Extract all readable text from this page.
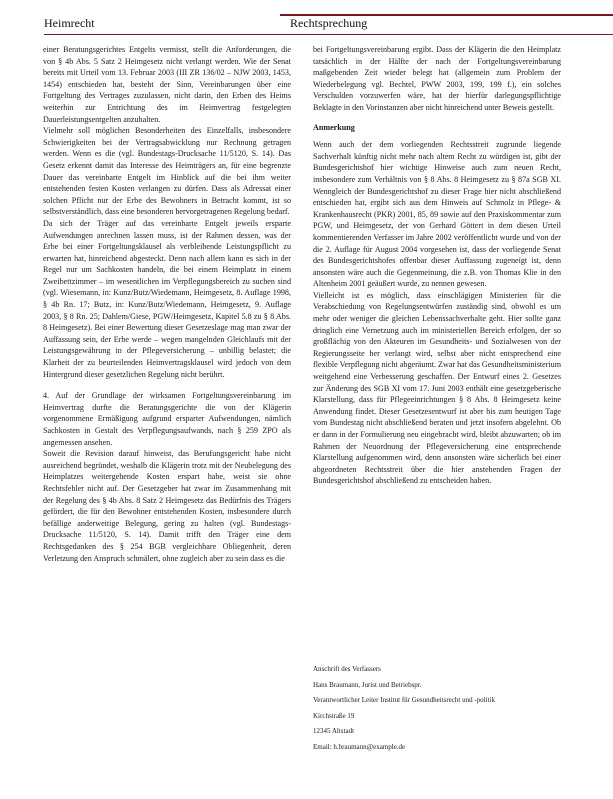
Heimrecht	Rechtsprechung

einer Beratungsgerichtes Entgelts vermisst, stellt die Anforderungen, die von § 4b Abs. 5 Satz 2 Heimgesetz nicht verlangt werden. Wie der Senat bereits mit Urteil vom 13. Februar 2003 (III ZR 136/02 – NJW 2003, 1453, 1454) entschieden hat, besteht der Sinn, Vereinbarungen über eine Fortgeltung des Vertrages zuzulassen, nicht darin, den Erben des Heims weiterhin zur Entrichtung des im Heimvertrag festgelegten Dauerleistungsentgelten anzuhalten.

Vielmehr soll möglichen Besonderheiten des Einzelfalls, insbesondere Schwierigkeiten bei der Vertragsabwicklung nur Rechnung getragen werden. Wenn es die (vgl. Bundestags-Drucksache 11/5120, S. 14). Das Gesetz erkennt damit das Interesse des Heimträgers an, für eine begrenzte Dauer das vereinbarte Entgelt im Hinblick auf die bei ihm weiter entstehenden festen Kosten verlangen zu dürfen. Dass als Adressat einer solchen Pflicht nur der Erbe des Bewohners in Betracht kommt, ist so selbstverständlich, dass eine besonderen hervorgetragenen Regelung bedarf.

Da sich der Träger auf das vereinbarte Entgelt jeweils ersparte Aufwendungen anrechnen lassen muss, ist der Rahmen dessen, was der Erbe bei einer Fortgeltungsklausel als verbleibende Leistungspflicht zu erwarten hat, hinreichend abgesteckt. Denn nach allem kann es sich in der Regel nur um Sachkosten handeln, die bei einem Heimplatz in einem Zweibettzimmer – im wesentlichen im Verpflegungsbereich zu suchen sind (vgl. Wiesemann, in: Kunz/Butz/Wiedemann, Heimgesetz, 8. Auflage 1998, § 4b Rn. 17; Butz, in: Kunz/Butz/Wiedemann, Heimgesetz, 9. Auflage 2003, § 8 Rn. 25; Dahlem/Giese, PGW/Heimgesetz, Kapitel 5.8 zu § 8 Abs. 8 Heimgesetz). Bei einer Bewertung dieser Gesetzeslage mag man zwar der Auffassung sein, der Erbe werde – wegen mangelnden Gleichlaufs mit der Leistungsgewährung in der Pflegeversicherung – unbillig belastet; die Klarheit der zu beurteilenden Heimvertragsklausel wird jedoch von dem Hintergrund dieser gesetzlichen Regelung nicht berührt.

4. Auf der Grundlage der wirksamen Fortgeltungsvereinbarung im Heimvertrag durfte die Beratungsgerichte die von der Klägerin vorgenommene Ermäßigung aufgrund ersparter Aufwendungen, nämlich Sachkosten in Gestalt des Verpflegungsaufwands, nach § 259 ZPO als angemessen ansehen.

Soweit die Revision darauf hinweist, das Berufungsgericht habe nicht ausreichend begründet, weshalb die Klägerin trotz mit der Neubelegung des Heimplatzes weitergehende Kosten erspart habe, weist sie ohne Rechtsfehler nicht auf. Der Gesetzgeber hat zwar im Zusammenhang mit der Regelung des § 4b Abs. 8 Satz 2 Heimgesetz das Bedürfnis des Trägers gefördert, die für den Bewohner entstehenden Kosten, insbesondere durch befällige anderweitige Belegung, gering zu halten (vgl. Bundestags-Drucksache 11/5120, S. 14). Damit trifft den Träger eine dem Rechtsgedanken des § 254 BGB vergleichbare Obliegenheit, deren Verletzung den Anspruch schmälert, ohne zugleich aber zu sein dass es die

bei Fortgeltungsvereinbarung ergibt. Dass der Klägerin die den Heimplatz tatsächlich in der Hälfte der nach der Fortgeltungsvereinbarung maßgebenden Zeit wieder belegt hat (allgemein zum Problem der Wiederbelegung vgl. Bechtel, PWW 2003, 199, 199 f.), ein solches Verschulden vorzuwerfen wäre, hat der hierfür darlegungspflichtige Beklagte in den Vorinstanzen aber nicht hinreichend unter Beweis gestellt.

Anmerkung

Wenn auch der dem vorliegenden Rechtsstreit zugrunde liegende Sachverhalt künftig nicht mehr nach altem Recht zu würdigen ist, gibt der Bundesgerichtshof hier wichtige Hinweise auch zum neuen Recht, insbesondere zum Verhältnis von § 8 Abs. 8 Heimgesetz zu § 87a SGB XI. Wenngleich der Bundesgerichtshof zu dieser Frage hier nicht abschließend entschieden hat, ergibt sich aus dem Hinweis auf Schmolz in Pflege- & Krankenhausrecht (PKR) 2001, 85, 89 sowie auf den Praxiskommentar zum PGW, und Heimgesetz, der von Gerhard Göttert in dem diesen Urteil kommentierenden Verfasser im Jahre 2002 veröffentlicht wurde und von der die 2. Auflage für August 2004 vorgesehen ist, dass der vorliegende Senat des Bundesgerichtshofes offenbar dieser Auffassung zugeneigt ist, denn ansonsten wäre auch die Gegenmeinung, die z.B. von Thomas Klie in den Altenheim 2001 geäußert wurde, zu nennen gewesen.

Vielleicht ist es möglich, dass einschlägigen Ministerien für die Verabschiedung von Regelungsentwürfen zuständig sind, obwohl es um mehr oder weniger die gleichen Lebenssachverhalte geht. Hier sollte ganz dringlich eine Vernetzung auch im ministeriellen Bereich erfolgen, der so großflächig von den Akteuren im Gesundheits- und Sozialwesen von der Regierungsseite her verlangt wird, selbst aber nicht entsprechend eine flexible Verpflegung nicht abgeräumt. Zwar hat das Gesundheitsministerium weitgehend eine Verbesserung geschaffen. Der Entwurf eines 2. Gesetzes zur Änderung des SGB XI vom 17. Juni 2003 enthält eine gesetzgeberische Klarstellung, dass für Pflegeeinrichtungen § 8 Abs. 8 Heimgesetz keine Anwendung findet. Dieser Gesetzesentwurf ist aber bis zum heutigen Tage vom Bundestag nicht abschließend beraten und jetzt insofern abgelehnt. Ob er dann in der Formulierung neu eingebracht wird, bleibt abzuwarten; ob im Rahmen der Neuordnung der Pflegeversicherung eine entsprechende Klarstellung aufgenommen wird, denn ansonsten wäre sicherlich bei einer abgeordneten Rechtsstreit über die hier anstehenden Fragen der Bundesgerichtshof abschließend zu entscheiden haben.

Anschrift des Verfassers

Hans Braumann, Jurist und Betriebspr.

Verantwortlicher Leiter Institut für Gesundheitsrecht und -politik

Kirchstraße 19

12345 Altstadt

Email: h.braumann@example.de
